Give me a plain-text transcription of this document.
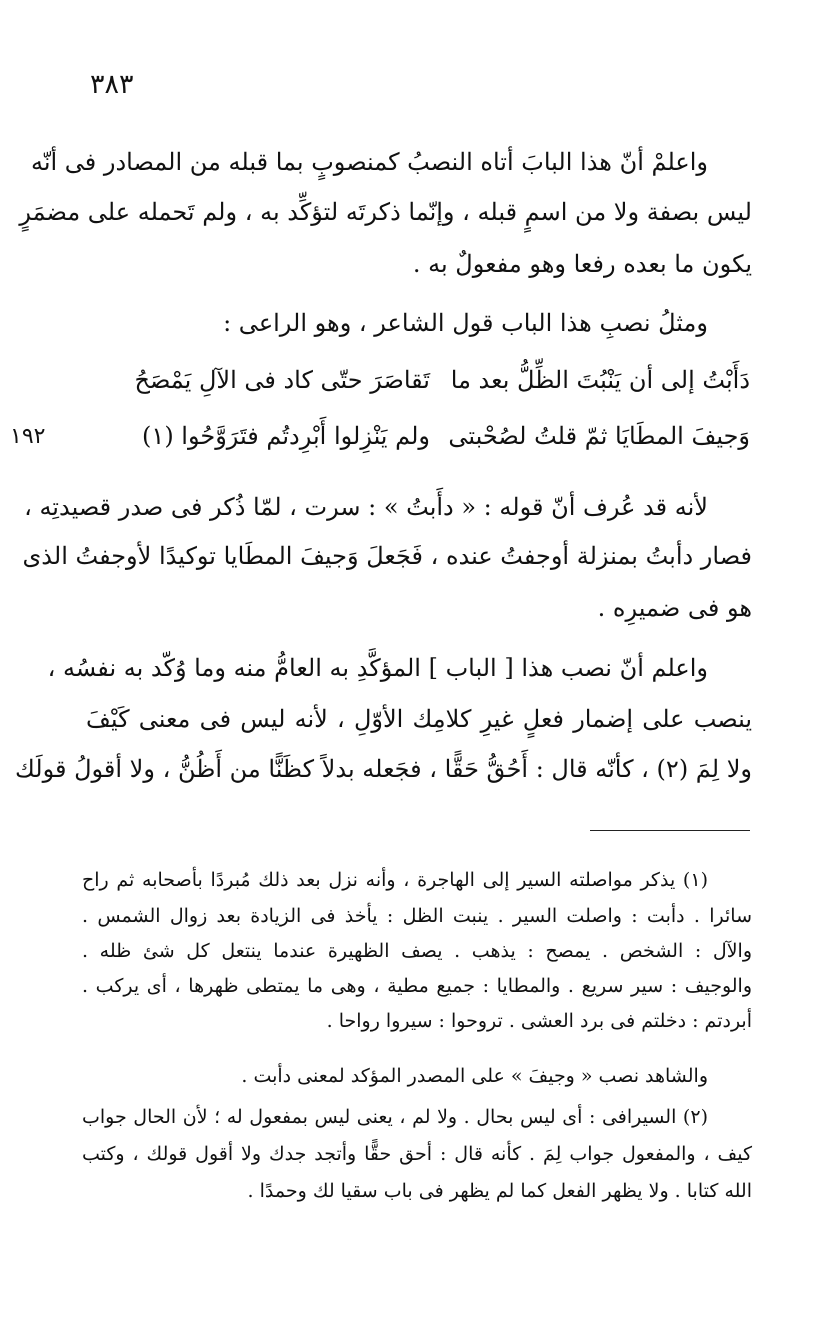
٣٨٣
١٩٢
واعلمْ أنّ هذا البابَ أتاه النصبُ كمنصوبٍ بما قبله من المصادر فى أنّه
ليس بصفة ولا من اسمٍ قبله ، وإنّما ذكرتَه لتؤكِّد به ، ولم تَحمله على مضمَرٍ
يكون ما بعده رفعا وهو مفعولٌ به .
ومثلُ نصبِ هذا الباب قول الشاعر ، وهو الراعى :
دَأَبْتُ إلى أن يَنْبُتَ الظِّلُّ بعد ما
تَقاصَرَ حتّى كاد فى الآلِ يَمْصَحُ
وَجيفَ المطَايَا ثمّ قلتُ لصُحْبتى
ولم يَنْزِلوا أَبْرِدتُم فتَرَوَّحُوا (١)
لأنه قد عُرف أنّ قوله : « دأَبتُ » : سرت ، لمّا ذُكر فى صدر قصيدتِه ،
فصار دأبتُ بمنزلة أوجفتُ عنده ، فَجَعلَ وَجيفَ المطَايا توكيدًا لأوجفتُ الذى
هو فى ضميرِه .
واعلم أنّ نصب هذا [ الباب ] المؤكَّدِ به العامُّ منه وما وُكّد به نفسُه ،
ينصب على إضمار فعلٍ غيرِ كلامِك الأوّلِ ، لأنه ليس فى معنى كَيْفَ
ولا لِمَ (٢) ، كأنّه قال : أَحُقُّ حَقًّا ، فجَعله بدلاً كظَنًّا من أَظُنُّ ، ولا أقولُ قولَك
(١) يذكر مواصلته السير إلى الهاجرة ، وأنه نزل بعد ذلك مُبردًا بأصحابه ثم راح
سائرا . دأبت : واصلت السير . ينبت الظل : يأخذ فى الزيادة بعد زوال الشمس .
والآل : الشخص . يمصح : يذهب . يصف الظهيرة عندما ينتعل كل شئ ظله .
والوجيف : سير سريع . والمطايا : جميع مطية ، وهى ما يمتطى ظهرها ، أى يركب .
أبردتم : دخلتم فى برد العشى . تروحوا : سيروا رواحا .
والشاهد نصب « وجيفَ » على المصدر المؤكد لمعنى دأبت .
(٢) السيرافى : أى ليس بحال . ولا لم ، يعنى ليس بمفعول له ؛ لأن الحال جواب
كيف ، والمفعول جواب لِمَ . كأنه قال : أحق حقًّا وأتجد جدك ولا أقول قولك ، وكتب
الله كتابا . ولا يظهر الفعل كما لم يظهر فى باب سقيا لك وحمدًا .
